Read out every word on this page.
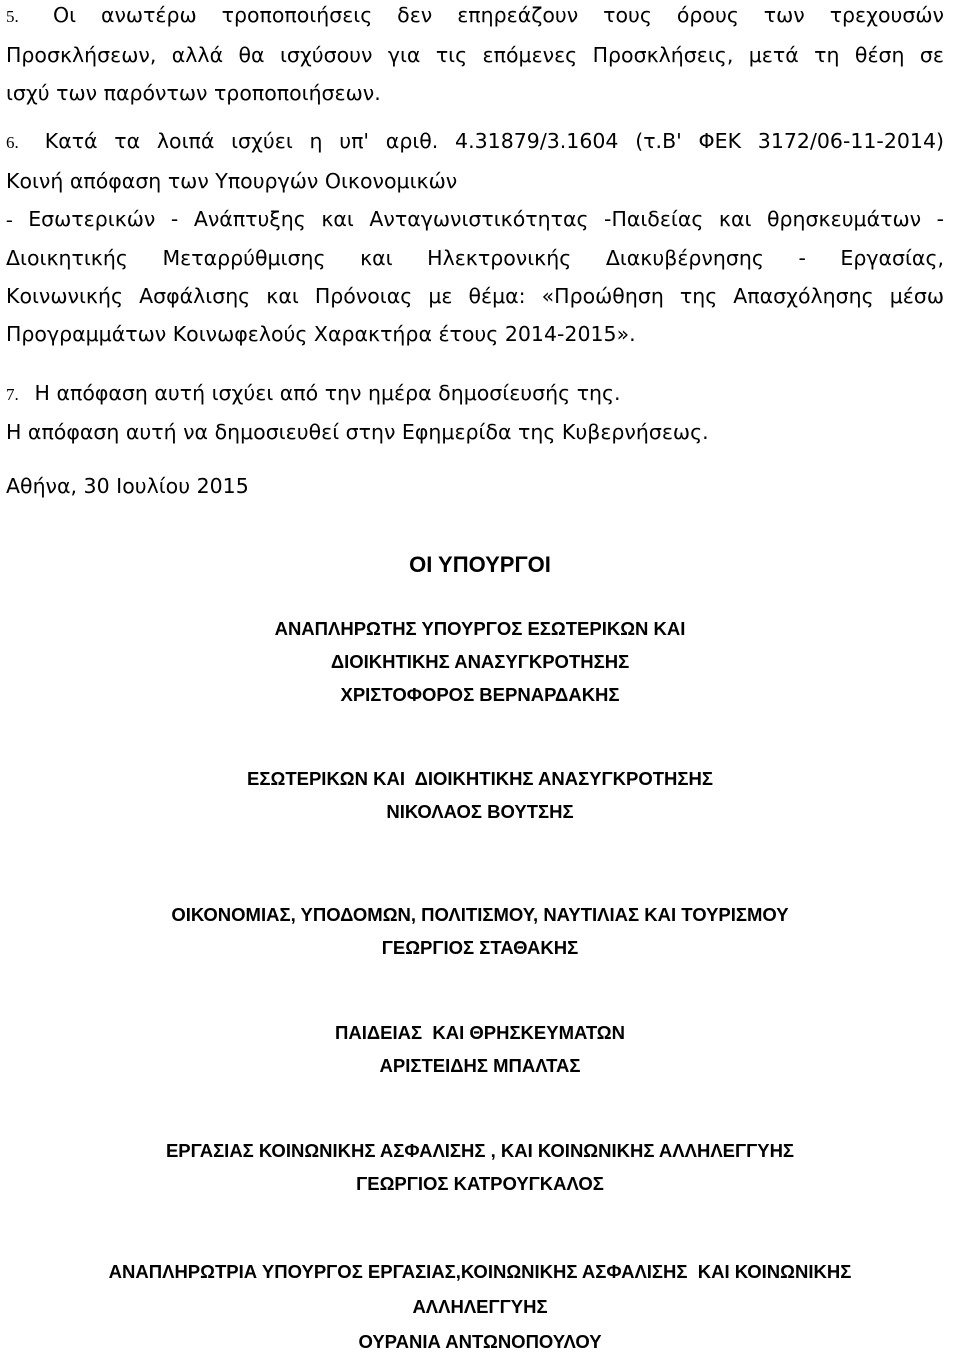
5. Οι ανωτέρω τροποποιήσεις δεν επηρεάζουν τους όρους των τρεχουσών

Προσκλήσεων, αλλά θα ισχύσουν για τις επόμενες Προσκλήσεις, μετά τη θέση σε

ισχύ των παρόντων τροποποιήσεων.

6. Κατά τα λοιπά ισχύει η υπ' αριθ. 4.31879/3.1604 (τ.Β' ΦΕΚ 3172/06-11-2014)

Κοινή απόφαση των Υπουργών Οικονομικών

- Εσωτερικών - Ανάπτυξης και Ανταγωνιστικότητας -Παιδείας και θρησκευμάτων -

Διοικητικής Μεταρρύθμισης και Ηλεκτρονικής Διακυβέρνησης - Εργασίας,

Κοινωνικής Ασφάλισης και Πρόνοιας με θέμα: «Προώθηση της Απασχόλησης μέσω

Προγραμμάτων Κοινωφελούς Χαρακτήρα έτους 2014-2015».

7. Η απόφαση αυτή ισχύει από την ημέρα δημοσίευσής της.

Η απόφαση αυτή να δημοσιευθεί στην Εφημερίδα της Κυβερνήσεως.

Αθήνα, 30 Ιουλίου 2015

ΟΙ ΥΠΟΥΡΓΟΙ
ΑΝΑΠΛΗΡΩΤΗΣ ΥΠΟΥΡΓΟΣ ΕΣΩΤΕΡΙΚΩΝ ΚΑΙ
ΔΙΟΙΚΗΤΙΚΗΣ ΑΝΑΣΥΓΚΡΟΤΗΣΗΣ
ΧΡΙΣΤΟΦΟΡΟΣ ΒΕΡΝΑΡΔΑΚΗΣ
ΕΣΩΤΕΡΙΚΩΝ ΚΑΙ  ΔΙΟΙΚΗΤΙΚΗΣ ΑΝΑΣΥΓΚΡΟΤΗΣΗΣ
ΝΙΚΟΛΑΟΣ ΒΟΥΤΣΗΣ
ΟΙΚΟΝΟΜΙΑΣ, ΥΠΟΔΟΜΩΝ, ΠΟΛΙΤΙΣΜΟΥ, ΝΑΥΤΙΛΙΑΣ ΚΑΙ ΤΟΥΡΙΣΜΟΥ
ΓΕΩΡΓΙΟΣ ΣΤΑΘΑΚΗΣ
ΠΑΙΔΕΙΑΣ  ΚΑΙ ΘΡΗΣΚΕΥΜΑΤΩΝ
ΑΡΙΣΤΕΙΔΗΣ ΜΠΑΛΤΑΣ
ΕΡΓΑΣΙΑΣ ΚΟΙΝΩΝΙΚΗΣ ΑΣΦΑΛΙΣΗΣ , ΚΑΙ ΚΟΙΝΩΝΙΚΗΣ ΑΛΛΗΛΕΓΓΥΗΣ
ΓΕΩΡΓΙΟΣ ΚΑΤΡΟΥΓΚΑΛΟΣ
ΑΝΑΠΛΗΡΩΤΡΙΑ ΥΠΟΥΡΓΟΣ ΕΡΓΑΣΙΑΣ,ΚΟΙΝΩΝΙΚΗΣ ΑΣΦΑΛΙΣΗΣ  ΚΑΙ ΚΟΙΝΩΝΙΚΗΣ
ΑΛΛΗΛΕΓΓΥΗΣ
ΟΥΡΑΝΙΑ ΑΝΤΩΝΟΠΟΥΛΟΥ
